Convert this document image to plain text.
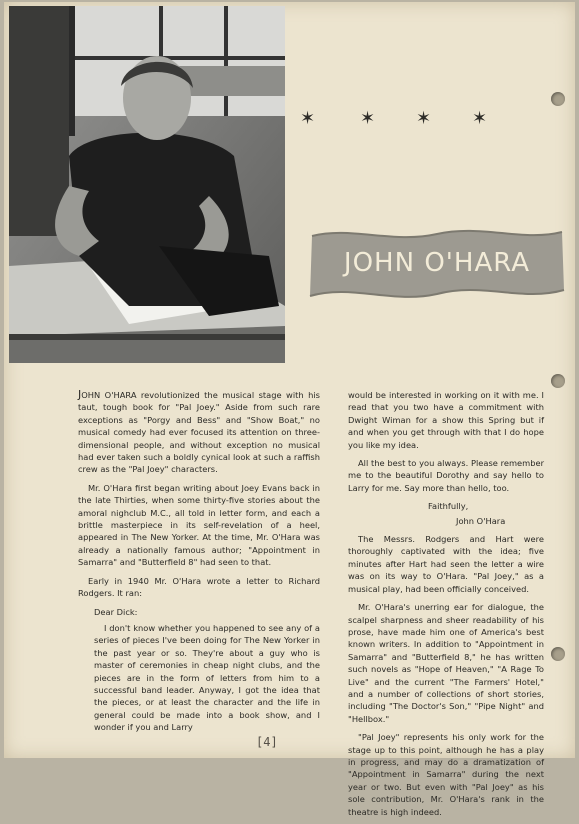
✶ ✶ ✶ ✶
JOHN O'HARA

JOHN O'HARA revolutionized the musical stage with his taut, tough book for "Pal Joey." Aside from such rare exceptions as "Porgy and Bess" and "Show Boat," no musical comedy had ever focused its attention on three-dimensional people, and without exception no musical had ever taken such a boldly cynical look at such a raffish crew as the "Pal Joey" characters.

Mr. O'Hara first began writing about Joey Evans back in the late Thirties, when some thirty-five stories about the amoral nighclub M.C., all told in letter form, and each a brittle masterpiece in its self-revelation of a heel, appeared in The New Yorker. At the time, Mr. O'Hara was already a nationally famous author; "Appointment in Samarra" and "Butterfield 8" had seen to that.

Early in 1940 Mr. O'Hara wrote a letter to Richard Rodgers. It ran:

Dear Dick:

I don't know whether you happened to see any of a series of pieces I've been doing for The New Yorker in the past year or so. They're about a guy who is master of ceremonies in cheap night clubs, and the pieces are in the form of letters from him to a successful band leader. Anyway, I got the idea that the pieces, or at least the character and the life in general could be made into a book show, and I wonder if you and Larry

would be interested in working on it with me. I read that you two have a commitment with Dwight Wiman for a show this Spring but if and when you get through with that I do hope you like my idea.

All the best to you always. Please remember me to the beautiful Dorothy and say hello to Larry for me. Say more than hello, too.

Faithfully,

John O'Hara

The Messrs. Rodgers and Hart were thoroughly captivated with the idea; five minutes after Hart had seen the letter a wire was on its way to O'Hara. "Pal Joey," as a musical play, had been officially conceived.

Mr. O'Hara's unerring ear for dialogue, the scalpel sharpness and sheer readability of his prose, have made him one of America's best known writers. In addition to "Appointment in Samarra" and "Butterfield 8," he has written such novels as "Hope of Heaven," "A Rage To Live" and the current "The Farmers' Hotel," and a number of collections of short stories, including "The Doctor's Son," "Pipe Night" and "Hellbox."

"Pal Joey" represents his only work for the stage up to this point, although he has a play in progress, and may do a dramatization of "Appointment in Samarra" during the next year or two. But even with "Pal Joey" as his sole contribution, Mr. O'Hara's rank in the theatre is high indeed.

[4]
